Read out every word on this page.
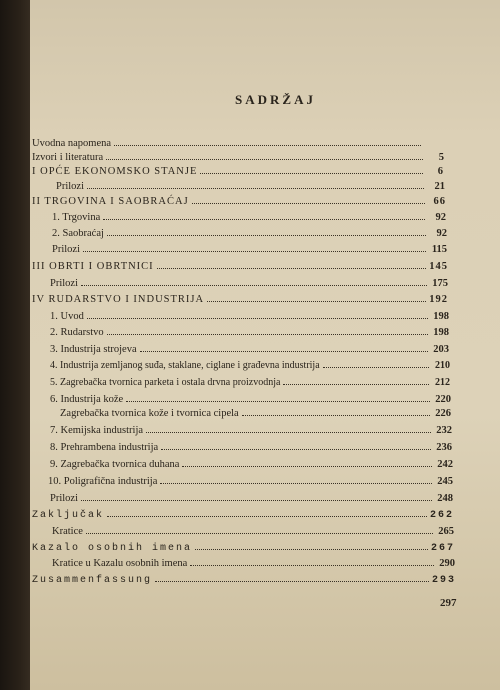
SADRŽAJ
Uvodna napomena
Izvori i literatura	5
I OPĆE EKONOMSKO STANJE	6
Prilozi	21
II TRGOVINA I SAOBRAĆAJ	66
1. Trgovina	92
2. Saobraćaj	92
Prilozi	115
III OBRTI I OBRTNICI	145
Prilozi	175
IV RUDARSTVO I INDUSTRIJA	192
1. Uvod	198
2. Rudarstvo	198
3. Industrija strojeva	203
4. Industrija zemljanog suđa, staklane, ciglane i građevna industrija	210
5. Zagrebačka tvornica parketa i ostala drvna proizvodnja	212
6. Industrija kože	220
Zagrebačka tvornica kože i tvornica cipela	226
7. Kemijska industrija	232
8. Prehrambena industrija	236
9. Zagrebačka tvornica duhana	242
10. Poligrafična industrija	245
Prilozi	248
Zaključak	262
Kratice	265
Kazalo osobnih imena	267
Kratice u Kazalu osobnih imena	290
Zusammenfassung	293
297
